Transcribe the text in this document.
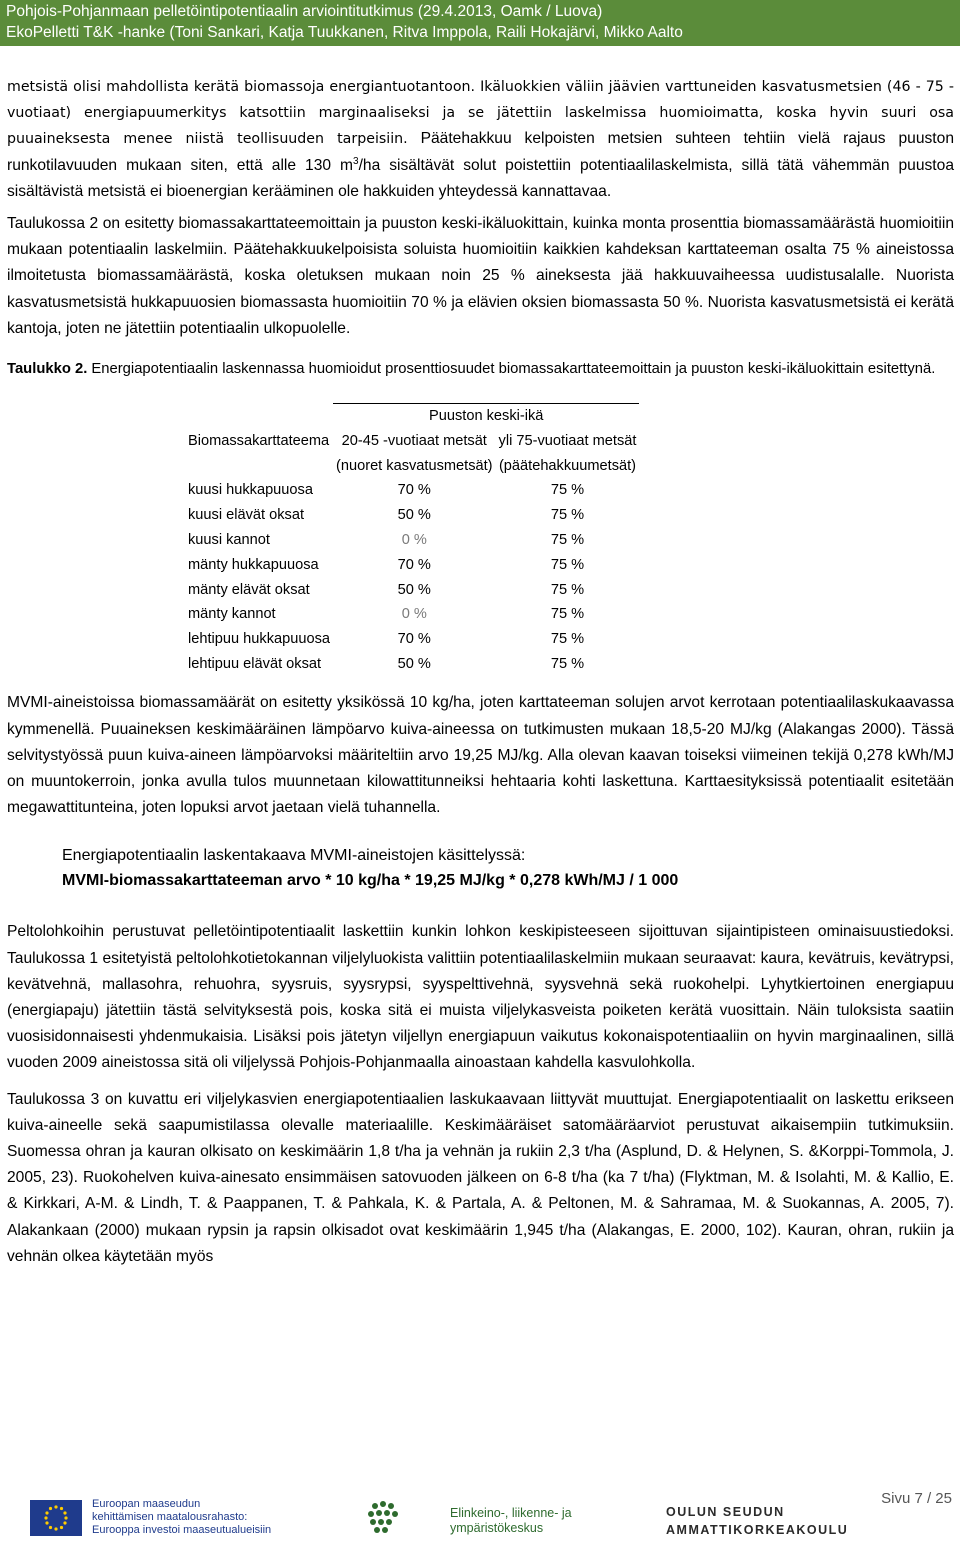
Pohjois-Pohjanmaan pelletöintipotentiaalin arviointitutkimus (29.4.2013, Oamk / Luova)
EkoPelletti T&K -hanke (Toni Sankari, Katja Tuukkanen, Ritva Imppola, Raili Hokajärvi, Mikko Aalto

metsistä olisi mahdollista kerätä biomassoja energiantuotantoon. Ikäluokkien väliin jäävien varttuneiden kasvatusmetsien (46 - 75 -vuotiaat) energiapuumerkitys katsottiin marginaaliseksi ja se jätettiin laskelmissa huomioimatta, koska hyvin suuri osa puuaineksesta menee niistä teollisuuden tarpeisiin. Päätehakkuu kelpoisten metsien suhteen tehtiin vielä rajaus puuston runkotilavuuden mukaan siten, että alle 130 $m^3/ha$ sisältävät solut poistettiin potentiaalilaskelmista, sillä tätä vähemmän puustoa sisältävistä metsistä ei bioenergian kerääminen ole hakkuiden yhteydessä kannattavaa.

Taulukossa 2 on esitetty biomassakarttateemoittain ja puuston keski-ikäluokittain, kuinka monta prosenttia biomassamäärästä huomioitiin mukaan potentiaalin laskelmiin. Päätehakkuukelpoisista soluista huomioitiin kaikkien kahdeksan karttateeman osalta 75 % aineistossa ilmoitetusta biomassamäärästä, koska oletuksen mukaan noin 25 % aineksesta jää hakkuuvaiheessa uudistusalalle. Nuorista kasvatusmetsistä hukkapuuosien biomassasta huomioitiin 70 % ja elävien oksien biomassasta 50 %. Nuorista kasvatusmetsistä ei kerätä kantoja, joten ne jätettiin potentiaalin ulkopuolelle.

Taulukko 2. Energiapotentiaalin laskennassa huomioidut prosenttiosuudet biomassakarttateemoittain ja puuston keski-ikäluokittain esitettynä.
	Puuston keski-ikä	
Biomassakarttateema	20-45 -vuotiaat metsät	yli 75-vuotiaat metsät
	(nuoret kasvatusmetsät)	(päätehakkuumetsät)
kuusi hukkapuuosa	70 %	75 %
kuusi elävät oksat	50 %	75 %
kuusi kannot	0 %	75 %
mänty hukkapuuosa	70 %	75 %
mänty elävät oksat	50 %	75 %
mänty kannot	0 %	75 %
lehtipuu hukkapuuosa	70 %	75 %
lehtipuu elävät oksat	50 %	75 %

MVMI-aineistoissa biomassamäärät on esitetty yksikössä 10 kg/ha, joten karttateeman solujen arvot kerrotaan potentiaalilaskukaavassa kymmenellä. Puuaineksen keskimääräinen lämpöarvo kuiva-aineessa on tutkimusten mukaan 18,5-20 MJ/kg (Alakangas 2000). Tässä selvitystyössä puun kuiva-aineen lämpöarvoksi määriteltiin arvo 19,25 MJ/kg. Alla olevan kaavan toiseksi viimeinen tekijä 0,278 kWh/MJ on muuntokerroin, jonka avulla tulos muunnetaan kilowattitunneiksi hehtaaria kohti laskettuna. Karttaesityksissä potentiaalit esitetään megawattitunteina, joten lopuksi arvot jaetaan vielä tuhannella.

Energiapotentiaalin laskentakaava MVMI-aineistojen käsittelyssä:
MVMI-biomassakarttateeman arvo * 10 kg/ha * 19,25 MJ/kg * 0,278 kWh/MJ / 1 000

Peltolohkoihin perustuvat pelletöintipotentiaalit laskettiin kunkin lohkon keskipisteeseen sijoittuvan sijaintipisteen ominaisuustiedoksi. Taulukossa 1 esitetyistä peltolohkotietokannan viljelyluokista valittiin potentiaalilaskelmiin mukaan seuraavat: kaura, kevätruis, kevätrypsi, kevätvehnä, mallasohra, rehuohra, syysruis, syysrypsi, syyspelttivehnä, syysvehnä sekä ruokohelpi. Lyhytkiertoinen energiapuu (energiapaju) jätettiin tästä selvityksestä pois, koska sitä ei muista viljelykasveista poiketen kerätä vuosittain. Näin tuloksista saatiin vuosisidonnaisesti yhdenmukaisia. Lisäksi pois jätetyn viljellyn energiapuun vaikutus kokonaispotentiaaliin on hyvin marginaalinen, sillä vuoden 2009 aineistossa sitä oli viljelyssä Pohjois-Pohjanmaalla ainoastaan kahdella kasvulohkolla.

Taulukossa 3 on kuvattu eri viljelykasvien energiapotentiaalien laskukaavaan liittyvät muuttujat. Energiapotentiaalit on laskettu erikseen kuiva-aineelle sekä saapumistilassa olevalle materiaalille. Keskimääräiset satomääräarviot perustuvat aikaisempiin tutkimuksiin. Suomessa ohran ja kauran olkisato on keskimäärin 1,8 t/ha ja vehnän ja rukiin 2,3 t/ha (Asplund, D. & Helynen, S. &Korppi-Tommola, J. 2005, 23). Ruokohelven kuiva-ainesato ensimmäisen satovuoden jälkeen on 6-8 t/ha (ka 7 t/ha) (Flyktman, M. & Isolahti, M. & Kallio, E. & Kirkkari, A-M. & Lindh, T. & Paappanen, T. & Pahkala, K. & Partala, A. & Peltonen, M. & Sahramaa, M. & Suokannas, A. 2005, 7). Alakankaan (2000) mukaan rypsin ja rapsin olkisadot ovat keskimäärin 1,945 t/ha (Alakangas, E. 2000, 102). Kauran, ohran, rukiin ja vehnän olkea käytetään myös

Euroopan maaseudun
kehittämisen maatalousrahasto:
Eurooppa investoi maaseutualueisiin
Elinkeino-, liikenne- ja
ympäristökeskus
OULUN SEUDUN
AMMATTIKORKEAKOULU
Sivu 7 / 25
